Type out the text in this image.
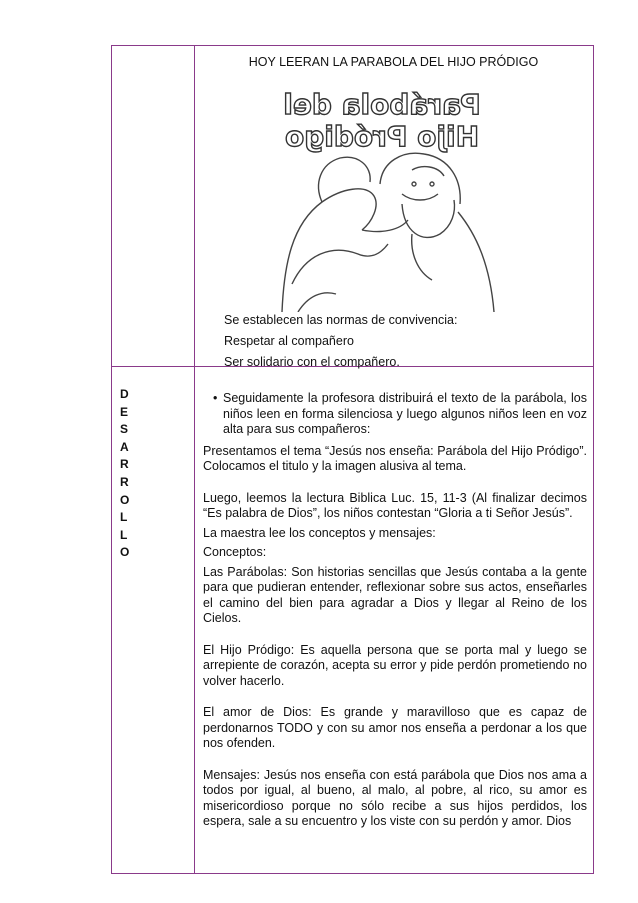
HOY LEERAN LA PARABOLA DEL HIJO PRÓDIGO
Parábola del
Hijo Pródigo
Se establecen las normas de convivencia:
Respetar al compañero
Ser solidario con el compañero.
D
E
S
A
R
R
O
L
L
O
• Seguidamente la profesora distribuirá el texto de la parábola, los niños leen en forma silenciosa y luego algunos niños leen en voz alta para sus compañeros:

Presentamos el tema “Jesús nos enseña: Parábola del Hijo Pródigo”. Colocamos el titulo y la imagen alusiva al tema.

Luego, leemos la lectura Biblica Luc. 15, 11-3 (Al finalizar decimos “Es palabra de Dios”, los niños contestan “Gloria a ti Señor Jesús”.

La maestra lee los conceptos y mensajes:

Conceptos:

Las Parábolas: Son historias sencillas que Jesús contaba a la gente para que pudieran entender, reflexionar sobre sus actos, enseñarles el camino del bien para agradar a Dios y llegar al Reino de los Cielos.

El Hijo Pródigo: Es aquella persona que se porta mal y luego se arrepiente de corazón, acepta su error y pide perdón prometiendo no volver hacerlo.

El amor de Dios: Es grande y maravilloso que es capaz de perdonarnos TODO y con su amor nos enseña a perdonar a los que nos ofenden.

Mensajes: Jesús nos enseña con está parábola que Dios nos ama a todos por igual, al bueno, al malo, al pobre, al rico, su amor es misericordioso porque no sólo recibe a sus hijos perdidos, los espera, sale a su encuentro y los viste con su perdón y amor. Dios
